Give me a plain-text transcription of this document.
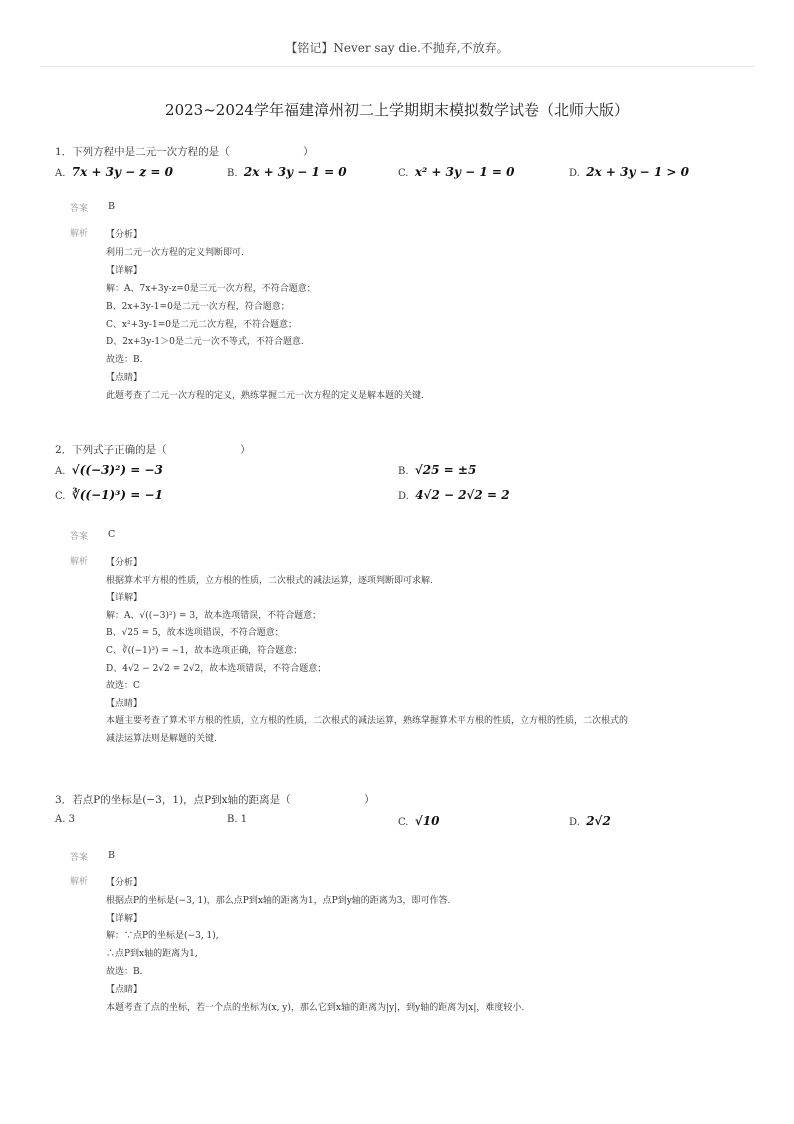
【铭记】Never say die.不抛弃,不放弃。
2023~2024学年福建漳州初二上学期期末模拟数学试卷（北师大版）
1．下列方程中是二元一次方程的是（　　　　　　　）
A. 7x + 3y − z = 0	B. 2x + 3y − 1 = 0	C. x² + 3y − 1 = 0	D. 2x + 3y − 1 > 0
答案 B
解析 【分析】
利用二元一次方程的定义判断即可.
【详解】
解：A、7x+3y-z=0是三元一次方程，不符合题意；
B、2x+3y-1=0是二元一次方程，符合题意；
C、x²+3y-1=0是二元二次方程，不符合题意；
D、2x+3y-1＞0是二元一次不等式，不符合题意.
故选：B.
【点睛】
此题考查了二元一次方程的定义，熟练掌握二元一次方程的定义是解本题的关键.
2．下列式子正确的是（　　　　　　　）
A. √((−3)²) = −3	B. √25 = ±5
C. ∛((−1)³) = −1	D. 4√2 − 2√2 = 2
答案 C
解析 【分析】
根据算术平方根的性质，立方根的性质，二次根式的减法运算，逐项判断即可求解.
【详解】
解：A、√((−3)²) = 3，故本选项错误，不符合题意；
B、√25 = 5，故本选项错误，不符合题意；
C、∛((−1)³) = −1，故本选项正确，符合题意；
D、4√2 − 2√2 = 2√2，故本选项错误，不符合题意；
故选：C
【点睛】
本题主要考查了算术平方根的性质，立方根的性质，二次根式的减法运算，熟练掌握算术平方根的性质，立方根的性质，二次根式的
减法运算法则是解题的关键.
3．若点P的坐标是(−3，1)，点P到x轴的距离是（　　　　　　　）
A. 3	B. 1	C. √10	D. 2√2
答案 B
解析 【分析】
根据点P的坐标是(−3, 1)，那么点P到x轴的距离为1，点P到y轴的距离为3，即可作答.
【详解】
解：∵点P的坐标是(−3, 1),
∴点P到x轴的距离为1,
故选：B.
【点睛】
本题考查了点的坐标，若一个点的坐标为(x, y)，那么它到x轴的距离为|y|，到y轴的距离为|x|，难度较小.
